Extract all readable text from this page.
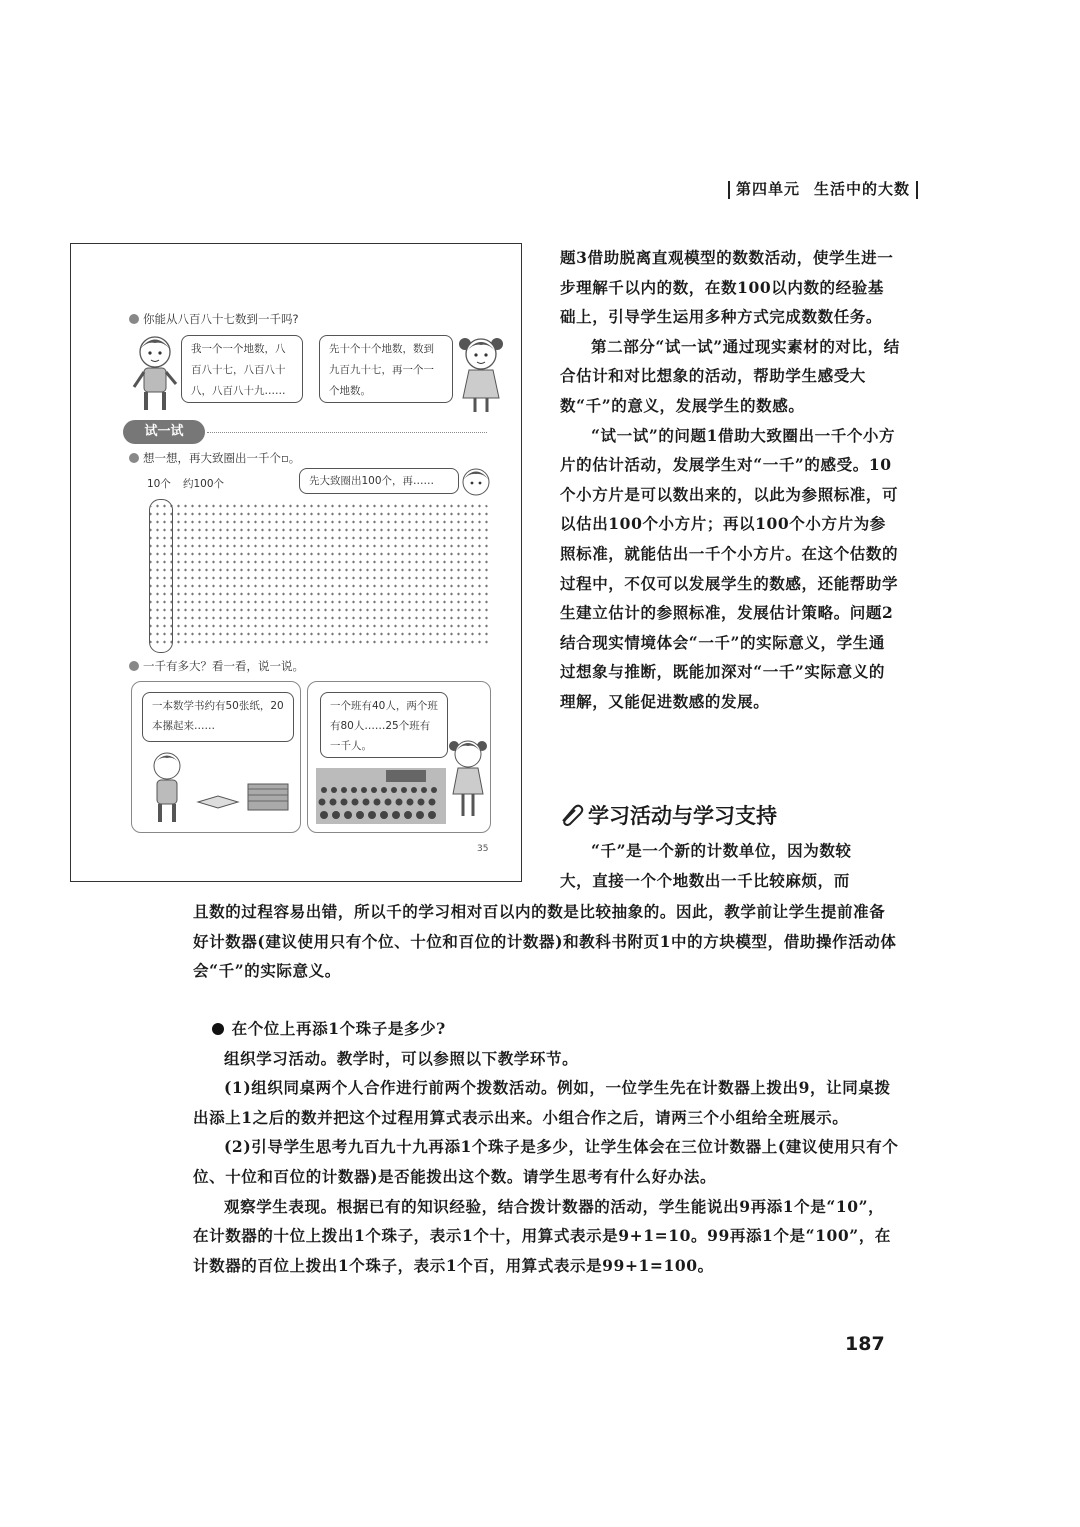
第四单元 生活中的大数
你能从八百八十七数到一千吗?
我一个一个地数，八百八十七，八百八十八，八百八十九……
先十个十个地数，数到九百九十七，再一个一个地数。
试一试
想一想，再大致圈出一千个▫。
10个 约100个	先大致圈出100个，再……
一千有多大？看一看，说一说。
一本数学书约有50张纸，20本摞起来……
一个班有40人，两个班有80人……25个班有一千人。
35

题3借助脱离直观模型的数数活动，使学生进一步理解千以内的数，在数100以内数的经验基础上，引导学生运用多种方式完成数数任务。

第二部分“试一试”通过现实素材的对比，结合估计和对比想象的活动，帮助学生感受大数“千”的意义，发展学生的数感。

“试一试”的问题1借助大致圈出一千个小方片的估计活动，发展学生对“一千”的感受。10个小方片是可以数出来的，以此为参照标准，可以估出100个小方片；再以100个小方片为参照标准，就能估出一千个小方片。在这个估数的过程中，不仅可以发展学生的数感，还能帮助学生建立估计的参照标准，发展估计策略。问题2结合现实情境体会“一千”的实际意义，学生通过想象与推断，既能加深对“一千”实际意义的理解，又能促进数感的发展。

学习活动与学习支持

“千”是一个新的计数单位，因为数较

大，直接一个个地数出一千比较麻烦，而

且数的过程容易出错，所以千的学习相对百以内的数是比较抽象的。因此，教学前让学生提前准备好计数器(建议使用只有个位、十位和百位的计数器)和教科书附页1中的方块模型，借助操作活动体会“千”的实际意义。

在个位上再添1个珠子是多少?

组织学习活动。教学时，可以参照以下教学环节。

(1)组织同桌两个人合作进行前两个拨数活动。例如，一位学生先在计数器上拨出9，让同桌拨出添上1之后的数并把这个过程用算式表示出来。小组合作之后，请两三个小组给全班展示。

(2)引导学生思考九百九十九再添1个珠子是多少，让学生体会在三位计数器上(建议使用只有个位、十位和百位的计数器)是否能拨出这个数。请学生思考有什么好办法。

观察学生表现。根据已有的知识经验，结合拨计数器的活动，学生能说出9再添1个是“10”，在计数器的十位上拨出1个珠子，表示1个十，用算式表示是9+1=10。99再添1个是“100”，在计数器的百位上拨出1个珠子，表示1个百，用算式表示是99+1=100。

187
